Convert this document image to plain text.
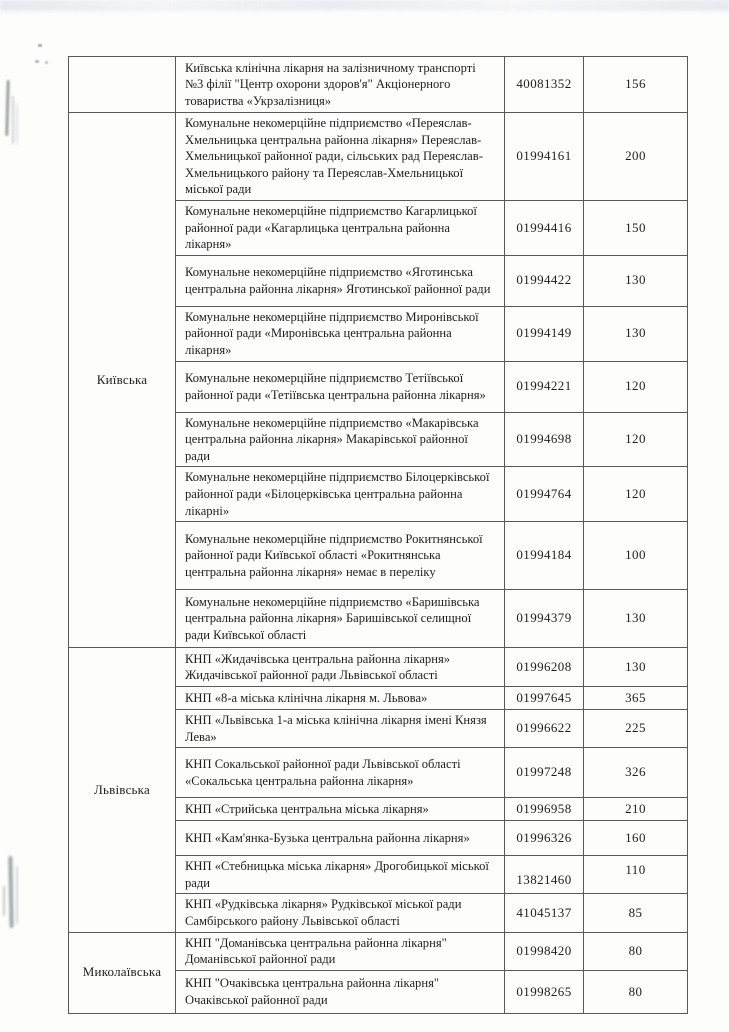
	Київська клінічна лікарня на залізничному транспорті №3 філії "Центр охорони здоров'я" Акціонерного товариства «Укрзалізниця»	40081352	156
Київська	Комунальне некомерційне підприємство «Переяслав-Хмельницька центральна районна лікарня» Переяслав-Хмельницької районної ради, сільських рад Переяслав-Хмельницького району та Переяслав-Хмельницької міської ради	01994161	200
	Комунальне некомерційне підприємство Кагарлицької районної ради «Кагарлицька центральна районна лікарня»	01994416	150
	Комунальне некомерційне підприємство «Яготинська центральна районна лікарня» Яготинської районної ради	01994422	130
	Комунальне некомерційне підприємство Миронівської районної ради «Миронівська центральна районна лікарня»	01994149	130
	Комунальне некомерційне підприємство Тетіївської районної ради «Тетіївська центральна районна лікарня»	01994221	120
	Комунальне некомерційне підприємство «Макарівська центральна районна лікарня» Макарівської районної ради	01994698	120
	Комунальне некомерційне підприємство Білоцерківської районної ради «Білоцерківська центральна районна лікарні»	01994764	120
	Комунальне некомерційне підприємство Рокитнянської районної ради Київської області «Рокитнянська центральна районна лікарня» немає в переліку	01994184	100
	Комунальне некомерційне підприємство «Баришівська центральна районна лікарня» Баришівської селищної ради Київської області	01994379	130
Львівська	КНП «Жидачівська центральна районна лікарня» Жидачівської районної ради Львівської області	01996208	130
	КНП «8-а міська клінічна лікарня м. Львова»	01997645	365
	КНП «Львівська 1-а міська клінічна лікарня імені Князя Лева»	01996622	225
	КНП Сокальської районної ради Львівської області «Сокальська центральна районна лікарня»	01997248	326
	КНП «Стрийська центральна міська лікарня»	01996958	210
	КНП «Кам'янка-Бузька центральна районна лікарня»	01996326	160
	КНП «Стебницька міська лікарня» Дрогобицької міської ради	13821460	110
	КНП «Рудківська лікарня» Рудківської міської ради Самбірського району Львівської області	41045137	85
Миколаївська	КНП "Доманівська центральна районна лікарня" Доманівської районної ради	01998420	80
	КНП "Очаківська центральна районна лікарня" Очаківської районної ради	01998265	80
